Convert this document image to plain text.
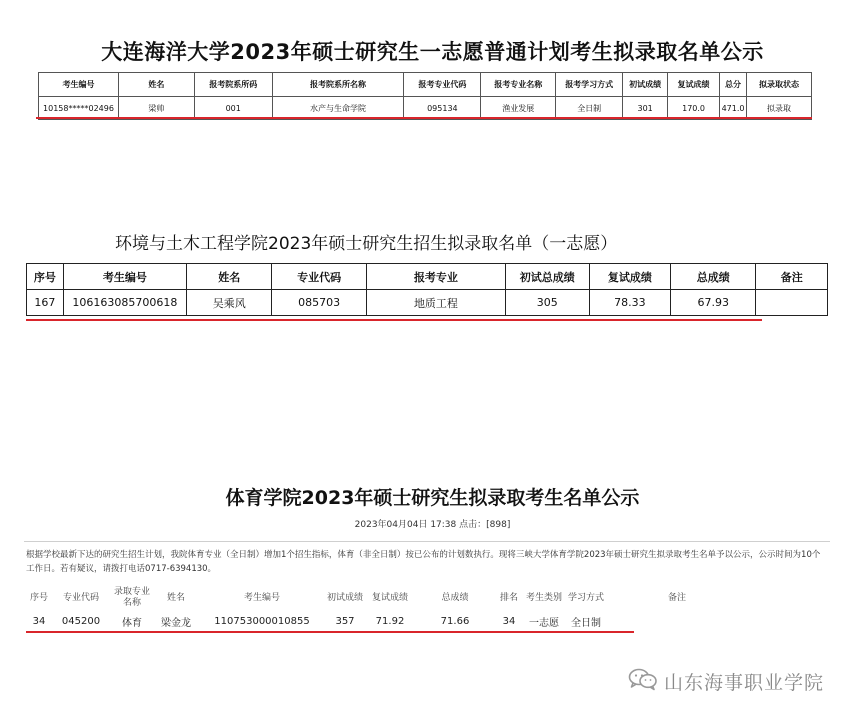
大连海洋大学2023年硕士研究生一志愿普通计划考生拟录取名单公示
考生编号	姓名	报考院系所码	报考院系所名称	报考专业代码	报考专业名称	报考学习方式	初试成绩	复试成绩	总分	拟录取状态
10158*****02496	梁帅	001	水产与生命学院	095134	渔业发展	全日制	301	170.0	471.0	拟录取
环境与土木工程学院2023年硕士研究生招生拟录取名单（一志愿）
序号	考生编号	姓名	专业代码	报考专业	初试总成绩	复试成绩	总成绩	备注
167	106163085700618	吴乘风	085703	地质工程	305	78.33	67.93	
体育学院2023年硕士研究生拟录取考生名单公示
2023年04月04日 17:38 点击：[898]
根据学校最新下达的研究生招生计划，我院体育专业（全日制）增加1个招生指标，体育（非全日制）按已公布的计划数执行。现将三峡大学体育学院2023年硕士研究生拟录取考生名单予以公示，公示时间为10个工作日。若有疑议，请拨打电话0717-6394130。
序号	专业代码	录取专业名称	姓名	考生编号	初试成绩	复试成绩	总成绩	排名	考生类别	学习方式	备注
34	045200	体育	梁金龙	110753000010855	357	71.92	71.66	34	一志愿	全日制	
山东海事职业学院
